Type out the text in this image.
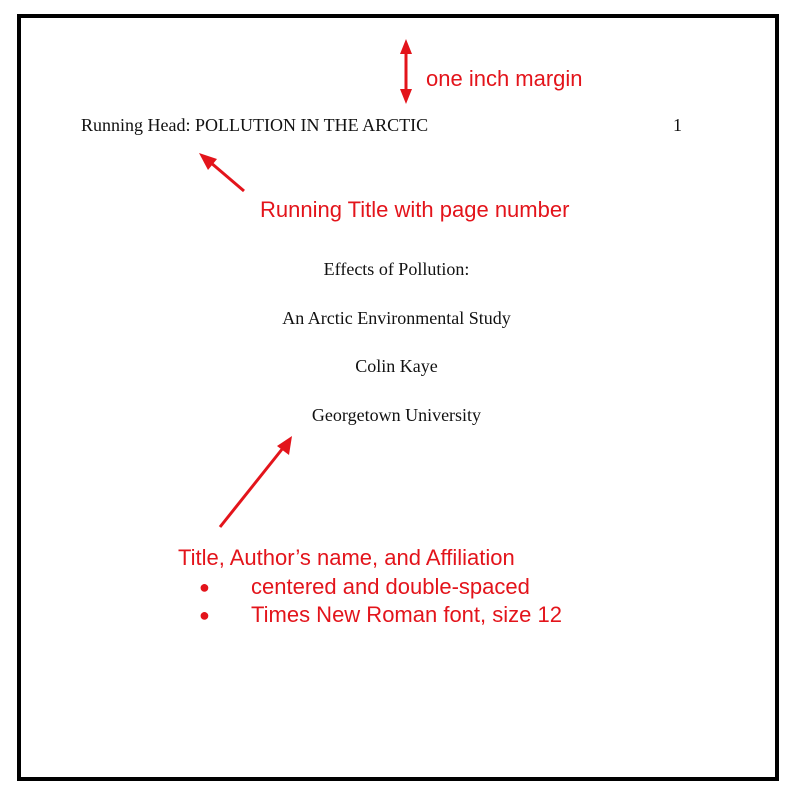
Running Head: POLLUTION IN THE ARCTIC	1
Effects of Pollution:
An Arctic Environmental Study
Colin Kaye
Georgetown University
one inch margin
Running Title with page number
Title, Author’s name, and Affiliation
● centered and double-spaced
● Times New Roman font, size 12
